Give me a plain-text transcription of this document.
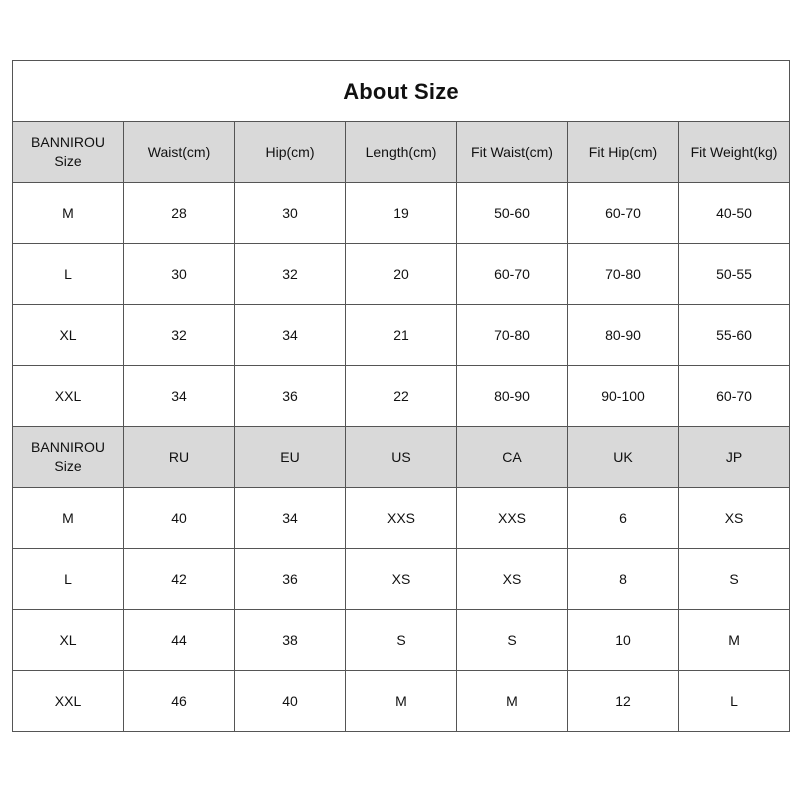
About Size						

BANNIROU
Size	Waist(cm)	Hip(cm)	Length(cm)	Fit Waist(cm)	Fit Hip(cm)	Fit Weight(kg)
M	28	30	19	50-60	60-70	40-50
L	30	32	20	60-70	70-80	50-55
XL	32	34	21	70-80	80-90	55-60
XXL	34	36	22	80-90	90-100	60-70

BANNIROU
Size	RU	EU	US	CA	UK	JP
M	40	34	XXS	XXS	6	XS
L	42	36	XS	XS	8	S
XL	44	38	S	S	10	M
XXL	46	40	M	M	12	L
